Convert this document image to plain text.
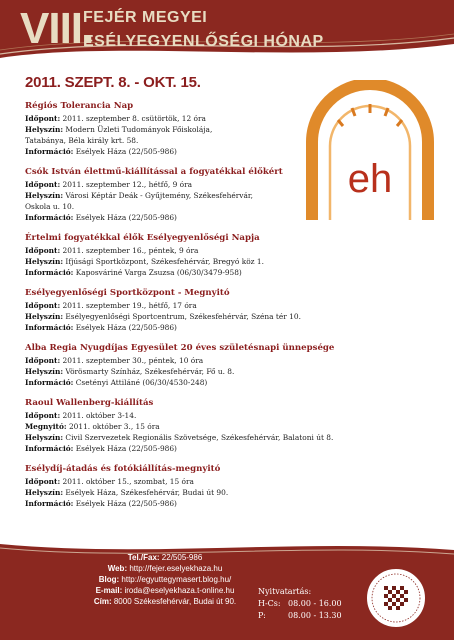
VIII.
FEJÉR MEGYEI
ESÉLYEGYENLŐSÉGI HÓNAP
2011. SZEPT. 8. - OKT. 15.
Régiós Tolerancia Nap
Időpont: 2011. szeptember 8. csütörtök, 12 óra
Helyszín: Modern Üzleti Tudományok Főiskolája,
Tatabánya, Béla király krt. 58.
Információ: Esélyek Háza (22/505-986)
Csók István élettmű-kiállítással a fogyatékkal élőkért
Időpont: 2011. szeptember 12., hétfő, 9 óra
Helyszín: Városi Képtár Deák - Gyűjtemény, Székesfehérvár,
Oskola u. 10.
Információ: Esélyek Háza (22/505-986)
Értelmi fogyatékkal élők Esélyegyenlőségi Napja
Időpont: 2011. szeptember 16., péntek, 9 óra
Helyszín: Ifjúsági Sportközpont, Székesfehérvár, Bregyó köz 1.
Információ: Kaposváriné Varga Zsuzsa (06/30/3479-958)
Esélyegyenlőségi Sportközpont - Megnyitó
Időpont: 2011. szeptember 19., hétfő, 17 óra
Helyszín: Esélyegyenlőségi Sportcentrum, Székesfehérvár, Széna tér 10.
Információ: Esélyek Háza (22/505-986)
Alba Regia Nyugdíjas Egyesület 20 éves születésnapi ünnepsége
Időpont: 2011. szeptember 30., péntek, 10 óra
Helyszín: Vörösmarty Színház, Székesfehérvár, Fő u. 8.
Információ: Csetényi Attiláné (06/30/4530-248)
Raoul Wallenberg-kiállítás
Időpont: 2011. október 3-14.
Megnyitó: 2011. október 3., 15 óra
Helyszín: Civil Szervezetek Regionális Szövetsége, Székesfehérvár, Balatoni út 8.
Információ: Esélyek Háza (22/505-986)
Esélydíj-átadás és fotókiállítás-megnyitó
Időpont: 2011. október 15., szombat, 15 óra
Helyszín: Esélyek Háza, Székesfehérvár, Budai út 90.
Információ: Esélyek Háza (22/505-986)
eh
Tel./Fax: 22/505-986
Web: http://fejer.eselyekhaza.hu
Blog: http://egyuttegymasert.blog.hu/
E-mail: iroda@eselyekhaza.t-online.hu
Cím: 8000 Székesfehérvár, Budai út 90.
Nyitvatartás:
H-Cs: 08.00 - 16.00
P:	08.00 - 13.30
